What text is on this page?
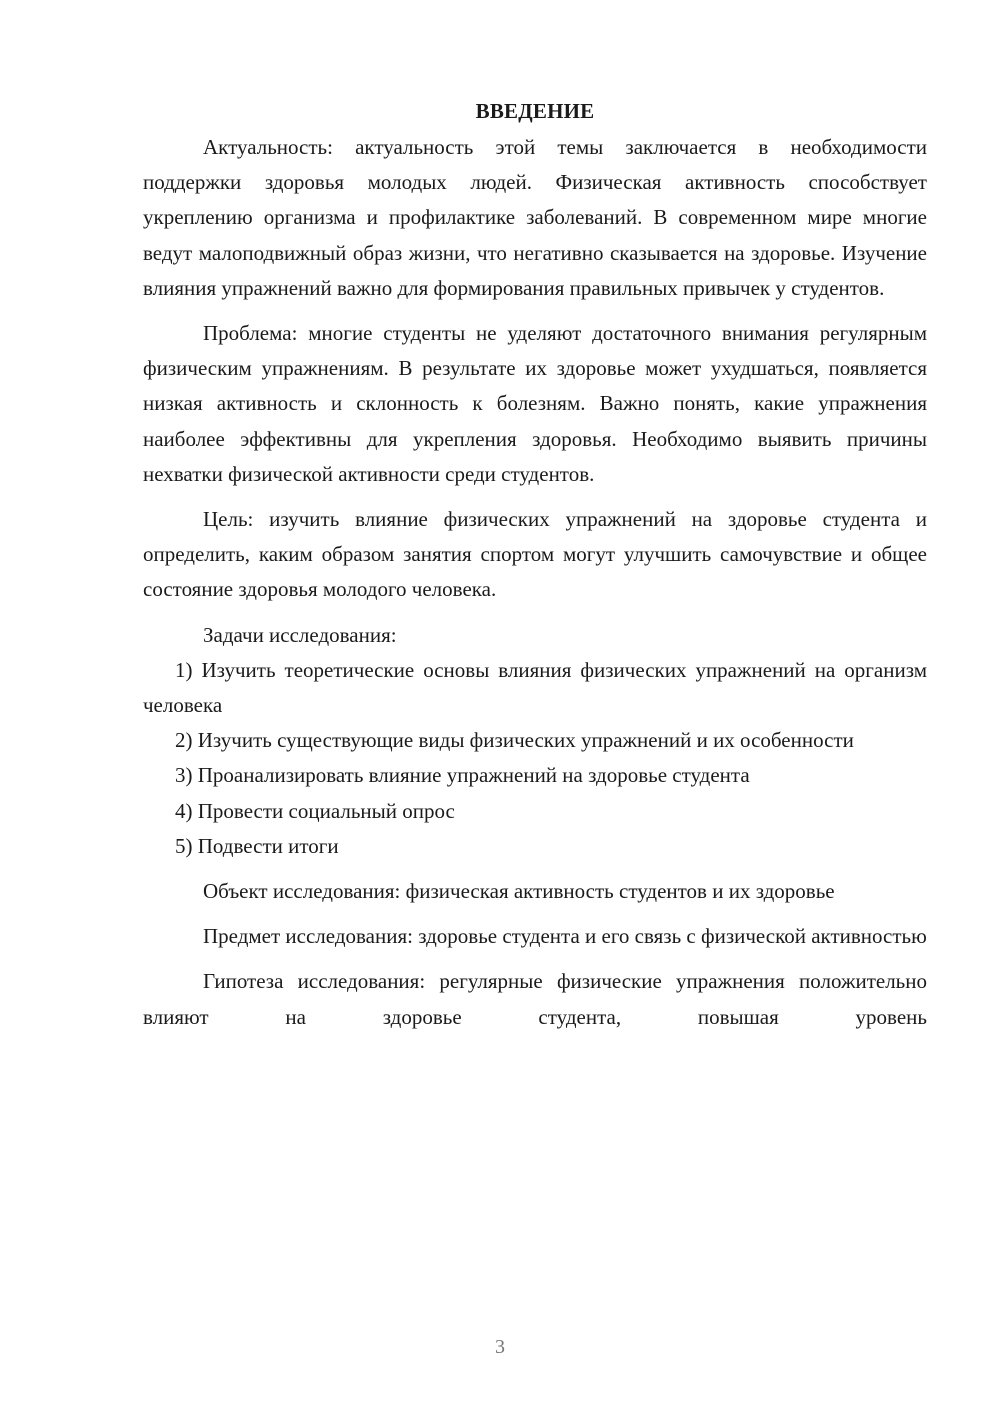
ВВЕДЕНИЕ

Актуальность: актуальность этой темы заключается в необходимости поддержки здоровья молодых людей. Физическая активность способствует укреплению организма и профилактике заболеваний. В современном мире многие ведут малоподвижный образ жизни, что негативно сказывается на здоровье. Изучение влияния упражнений важно для формирования правильных привычек у студентов.

Проблема: многие студенты не уделяют достаточного внимания регулярным физическим упражнениям. В результате их здоровье может ухудшаться, появляется низкая активность и склонность к болезням. Важно понять, какие упражнения наиболее эффективны для укрепления здоровья. Необходимо выявить причины нехватки физической активности среди студентов.

Цель: изучить влияние физических упражнений на здоровье студента и определить, каким образом занятия спортом могут улучшить самочувствие и общее состояние здоровья молодого человека.

Задачи исследования:

1) Изучить теоретические основы влияния физических упражнений на организм человека

2) Изучить существующие виды физических упражнений и их особенности

3) Проанализировать влияние упражнений на здоровье студента

4) Провести социальный опрос

5) Подвести итоги

Объект исследования: физическая активность студентов и их здоровье

Предмет исследования: здоровье студента и его связь с физической активностью

Гипотеза исследования: регулярные физические упражнения положительно влияют на здоровье студента, повышая уровень

3
